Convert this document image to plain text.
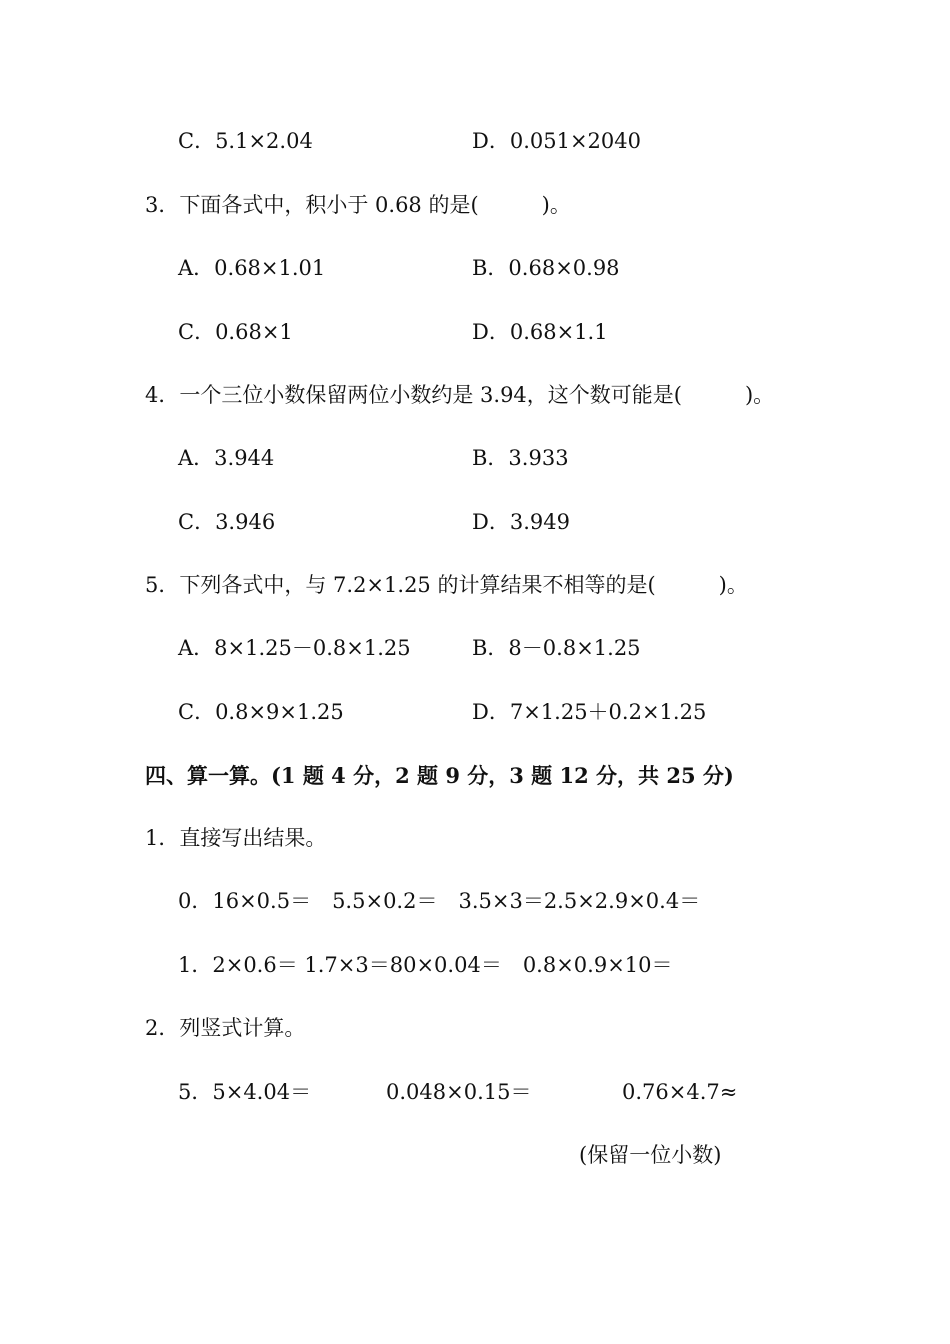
C．5.1×2.04	D．0.051×2040
3．下面各式中，积小于 0.68 的是(　　　)。
A．0.68×1.01	B．0.68×0.98
C．0.68×1	D．0.68×1.1
4．一个三位小数保留两位小数约是 3.94，这个数可能是(　　　)。
A．3.944	B．3.933
C．3.946	D．3.949
5．下列各式中，与 7.2×1.25 的计算结果不相等的是(　　　)。
A．8×1.25－0.8×1.25	B．8－0.8×1.25
C．0.8×9×1.25	D．7×1.25＋0.2×1.25
四、算一算。(1 题 4 分，2 题 9 分，3 题 12 分，共 25 分)
1．直接写出结果。
0．16×0.5＝　5.5×0.2＝　3.5×3＝2.5×2.9×0.4＝
1．2×0.6＝ 1.7×3＝80×0.04＝　0.8×0.9×10＝
2．列竖式计算。
5．5×4.04＝	0.048×0.15＝	0.76×4.7≈
(保留一位小数)
